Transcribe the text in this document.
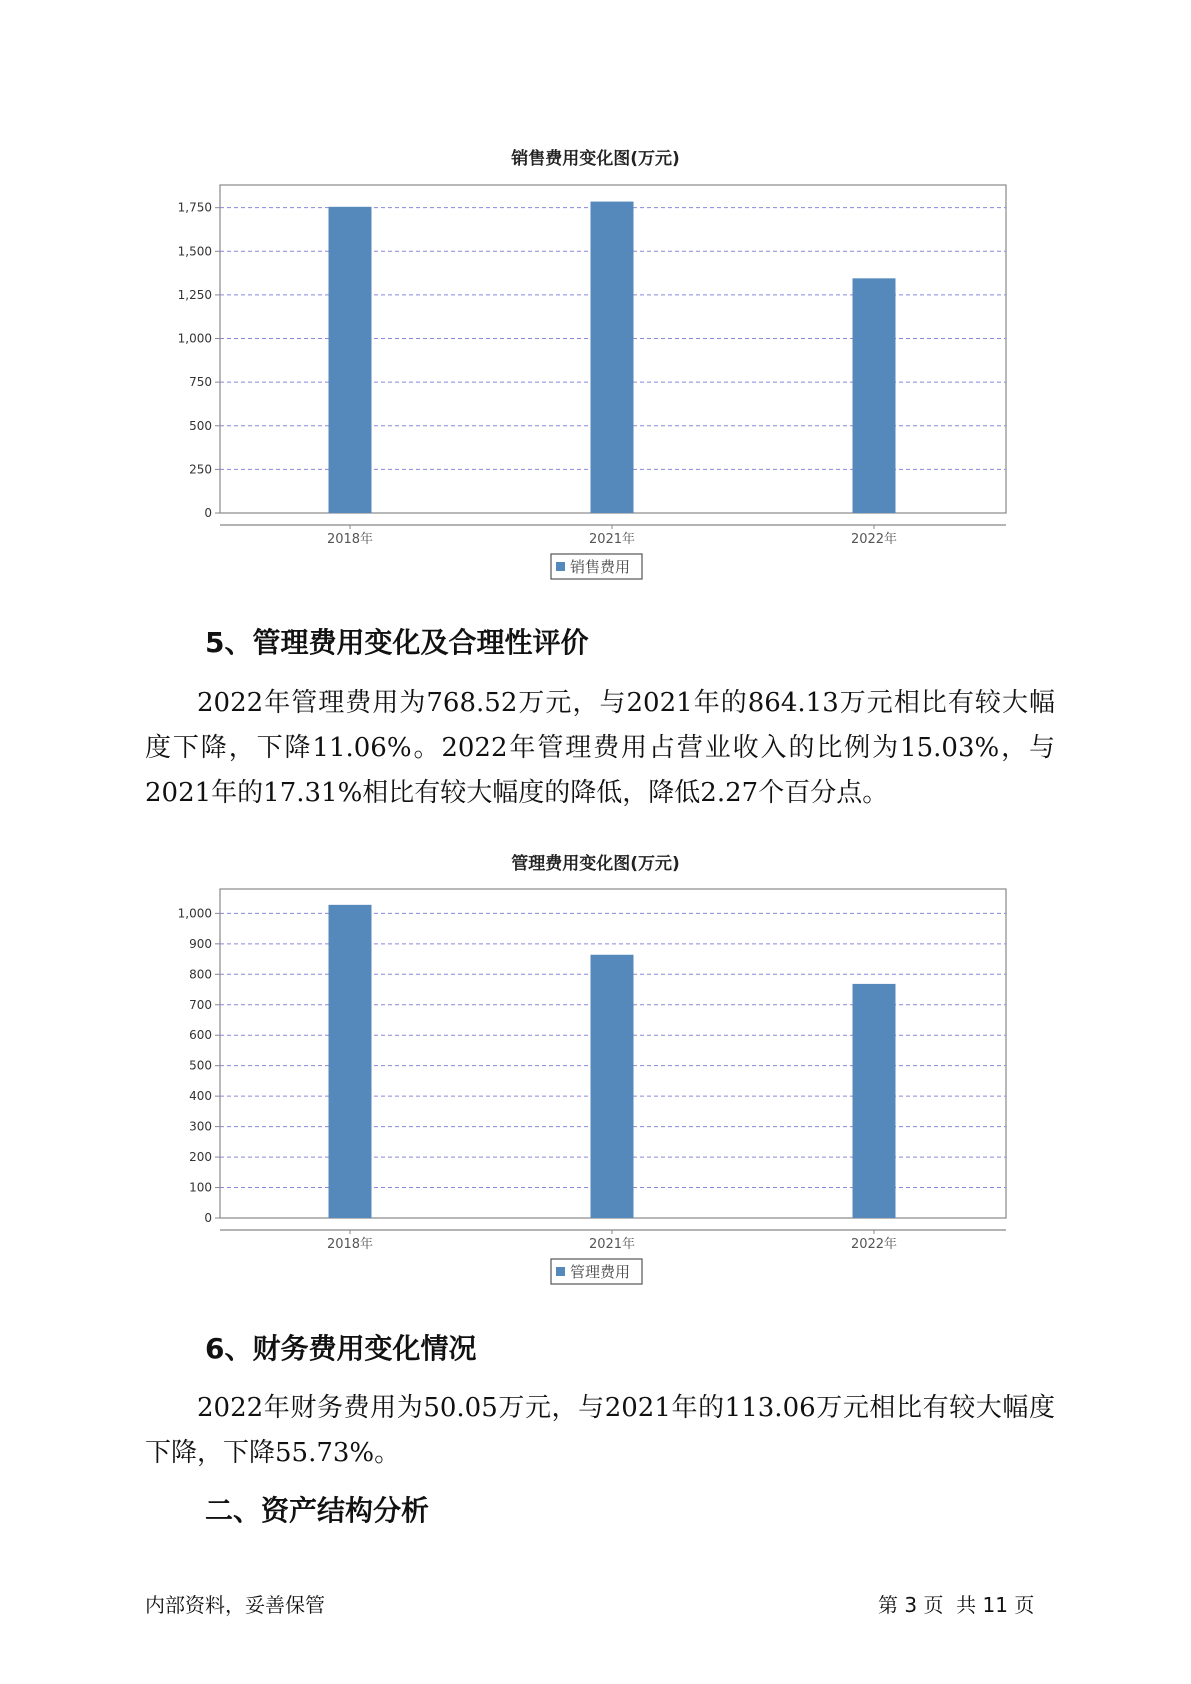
销售费用变化图(万元)
0
250
500
750
1,000
1,250
1,500
1,750
2018年	2021年	2022年
销售费用
5、管理费用变化及合理性评价
2022年管理费用为768.52万元，与2021年的864.13万元相比有较大幅度下降，下降11.06%。2022年管理费用占营业收入的比例为15.03%，与2021年的17.31%相比有较大幅度的降低，降低2.27个百分点。
管理费用变化图(万元)
0
100
200
300
400
500
600
700
800
900
1,000
2018年	2021年	2022年
管理费用
6、财务费用变化情况
2022年财务费用为50.05万元，与2021年的113.06万元相比有较大幅度下降，下降55.73%。
二、资产结构分析
内部资料，妥善保管	第 3 页  共 11 页
